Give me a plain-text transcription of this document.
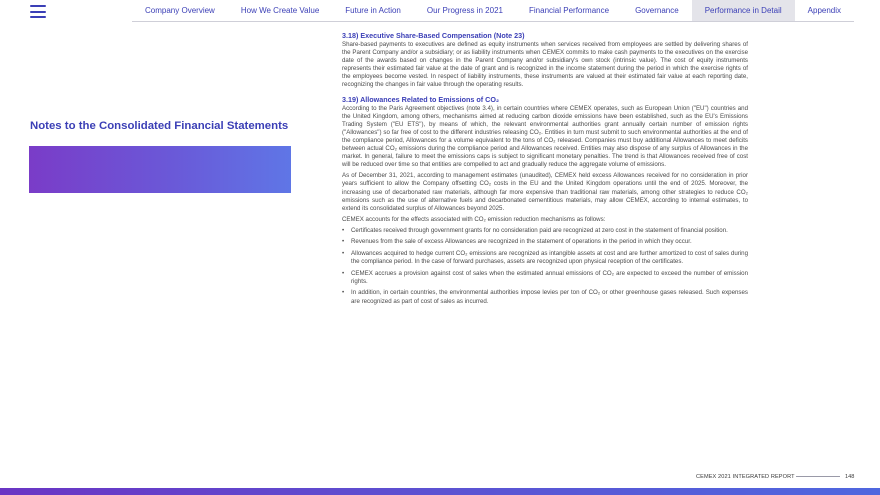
Company Overview	How We Create Value	Future in Action	Our Progress in 2021	Financial Performance	Governance	Performance in Detail	Appendix
Notes to the Consolidated Financial Statements
3.18) Executive Share-Based Compensation (Note 23)

Share-based payments to executives are defined as equity instruments when services received from employees are settled by delivering shares of the Parent Company and/or a subsidiary; or as liability instruments when CEMEX commits to make cash payments to the executives on the exercise date of the awards based on changes in the Parent Company and/or subsidiary's own stock (intrinsic value). The cost of equity instruments represents their estimated fair value at the date of grant and is recognized in the income statement during the period in which the exercise rights of the employees become vested. In respect of liability instruments, these instruments are valued at their estimated fair value at each reporting date, recognizing the changes in fair value through the operating results.

3.19) Allowances Related to Emissions of CO₂

According to the Paris Agreement objectives (note 3.4), in certain countries where CEMEX operates, such as European Union ("EU") countries and the United Kingdom, among others, mechanisms aimed at reducing carbon dioxide emissions have been established, such as the EU's Emissions Trading System ("EU ETS"), by means of which, the relevant environmental authorities grant annually certain number of emission rights ("Allowances") so far free of cost to the different industries releasing CO₂. Entities in turn must submit to such environmental authorities at the end of the compliance period, Allowances for a volume equivalent to the tons of CO₂ released. Companies must buy additional Allowances to meet deficits between actual CO₂ emissions during the compliance period and Allowances received. Entities may also dispose of any surplus of Allowances in the market. In general, failure to meet the emissions caps is subject to significant monetary penalties. The trend is that Allowances received free of cost will be reduced over time so that entities are compelled to act and gradually reduce the aggregate volume of emissions.

As of December 31, 2021, according to management estimates (unaudited), CEMEX held excess Allowances received for no consideration in prior years sufficient to allow the Company offsetting CO₂ costs in the EU and the United Kingdom operations until the end of 2025. Moreover, the increasing use of decarbonated raw materials, although far more expensive than traditional raw materials, among other strategies to reduce CO₂ emissions such as the use of alternative fuels and decarbonated cementitious materials, may allow CEMEX, according to internal estimates, to extend its consolidated surplus of Allowances beyond 2025.

CEMEX accounts for the effects associated with CO₂ emission reduction mechanisms as follows:

• Certificates received through government grants for no consideration paid are recognized at zero cost in the statement of financial position.
• Revenues from the sale of excess Allowances are recognized in the statement of operations in the period in which they occur.
• Allowances acquired to hedge current CO₂ emissions are recognized as intangible assets at cost and are further amortized to cost of sales during the compliance period. In the case of forward purchases, assets are recognized upon physical reception of the certificates.
• CEMEX accrues a provision against cost of sales when the estimated annual emissions of CO₂ are expected to exceed the number of emission rights.
• In addition, in certain countries, the environmental authorities impose levies per ton of CO₂ or other greenhouse gases released. Such expenses are recognized as part of cost of sales as incurred.
CEMEX 2021 INTEGRATED REPORT	148
